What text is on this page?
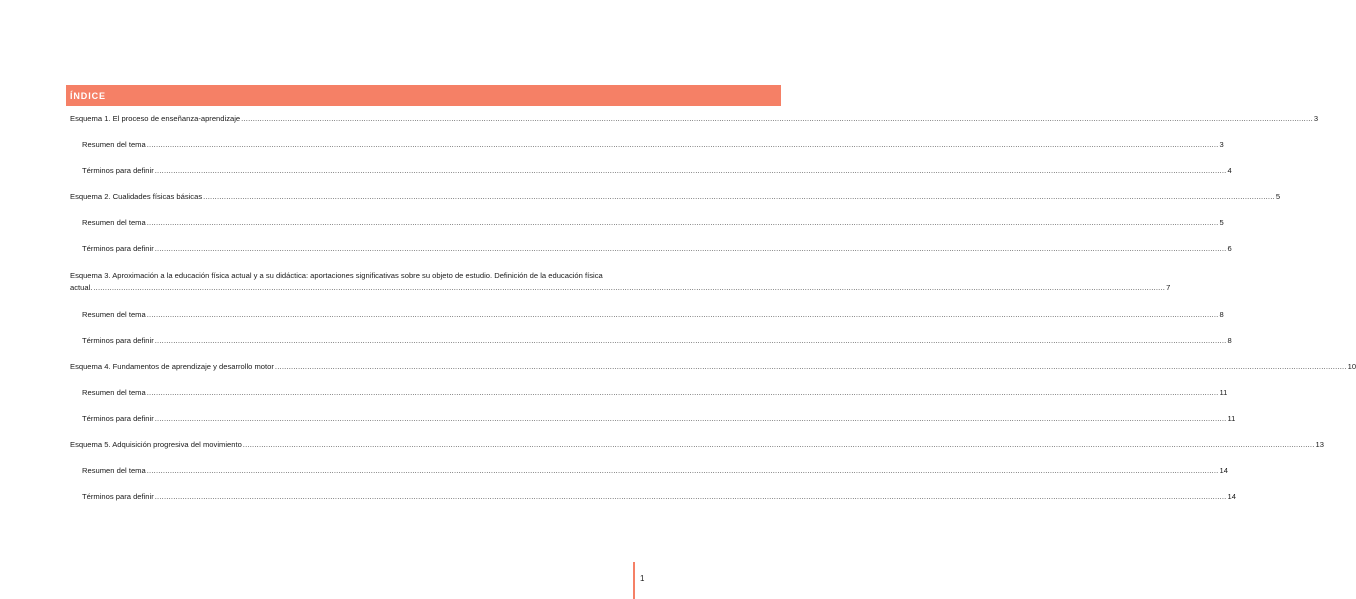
ÍNDICE
Esquema 1. El proceso de enseñanza-aprendizaje .....	3
Resumen del tema .....	3
Términos para definir .....	4
Esquema 2. Cualidades físicas básicas .....	5
Resumen del tema .....	5
Términos para definir .....	6
Esquema 3. Aproximación a la educación física actual y a su didáctica: aportaciones significativas sobre su objeto de estudio. Definición de la educación física
actual. .....	7
Resumen del tema .....	8
Términos para definir .....	8
Esquema 4. Fundamentos de aprendizaje y desarrollo motor .....	10
Resumen del tema .....	11
Términos para definir .....	11
Esquema 5. Adquisición progresiva del movimiento .....	13
Resumen del tema .....	14
Términos para definir .....	14
1
